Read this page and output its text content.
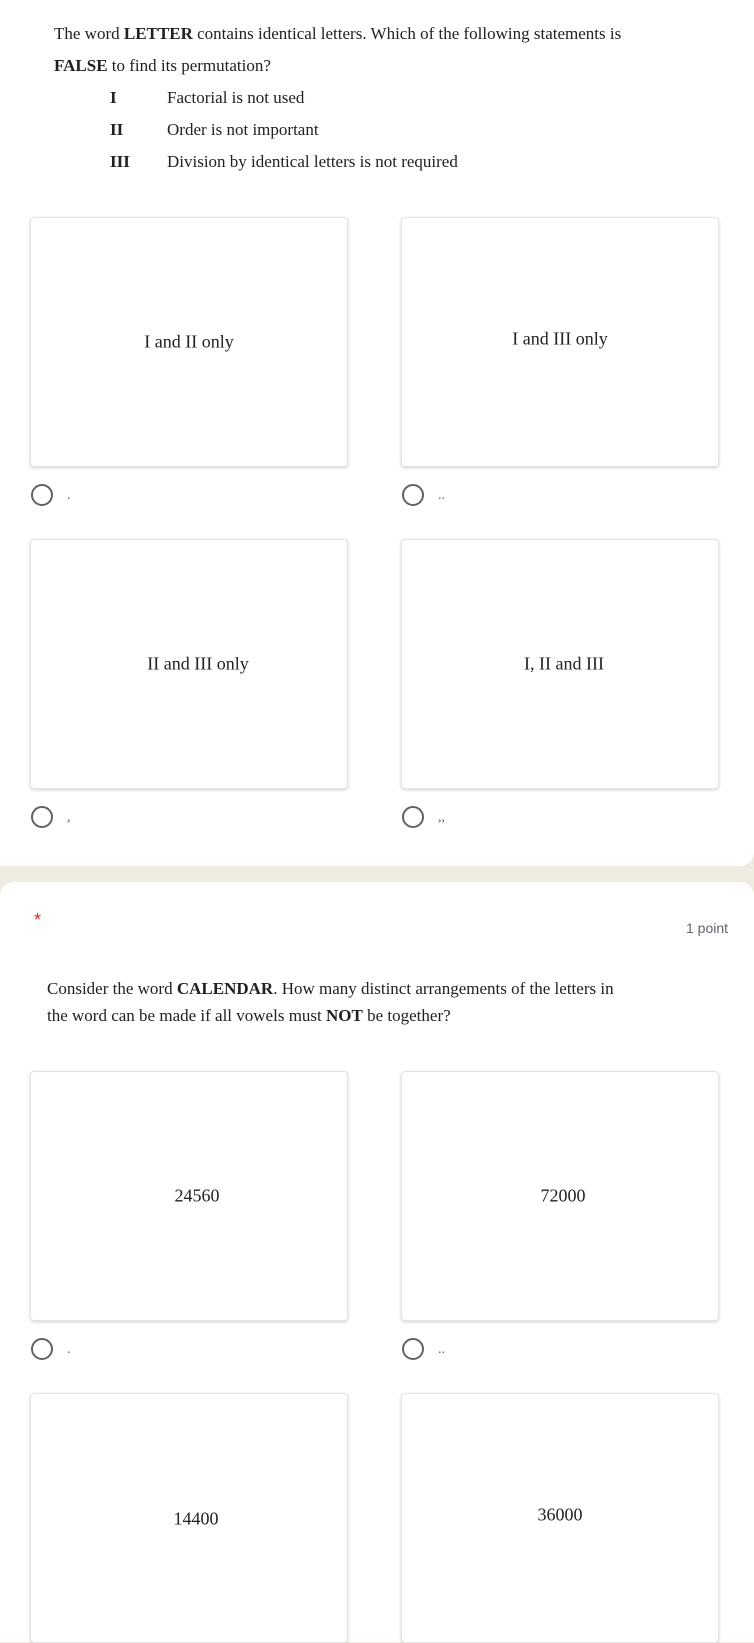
The word LETTER contains identical letters. Which of the following statements is
FALSE to find its permutation?
I	Factorial is not used
II	Order is not important
III Division by identical letters is not required
I and II only	I and III only
.	..
II and III only	I, II and III
,	,,
*	1 point
Consider the word CALENDAR. How many distinct arrangements of the letters in
the word can be made if all vowels must NOT be together?
24560	72000
.	..
14400	36000
